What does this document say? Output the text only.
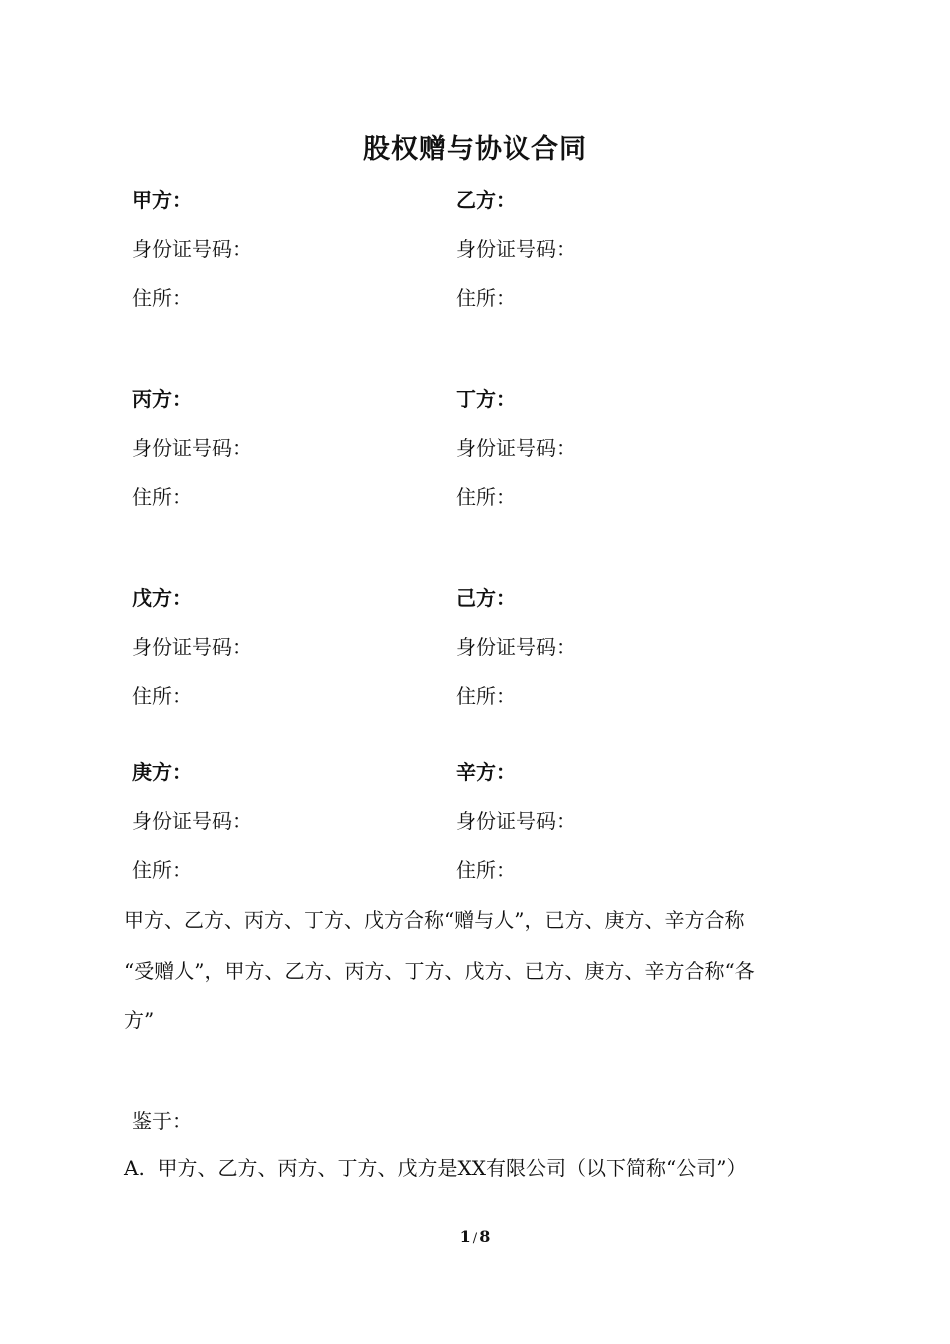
股权赠与协议合同
甲方：
身份证号码：
住所：
乙方：
身份证号码：
住所：
丙方：
身份证号码：
住所：
丁方：
身份证号码：
住所：
戊方：
身份证号码：
住所：
己方：
身份证号码：
住所：
庚方：
身份证号码：
住所：
辛方：
身份证号码：
住所：
甲方、乙方、丙方、丁方、戊方合称“赠与人”，已方、庚方、辛方合称
“受赠人”，甲方、乙方、丙方、丁方、戊方、已方、庚方、辛方合称“各
方”
鉴于：
A.  甲方、乙方、丙方、丁方、戊方是XX有限公司（以下简称“公司”）
1 / 8
